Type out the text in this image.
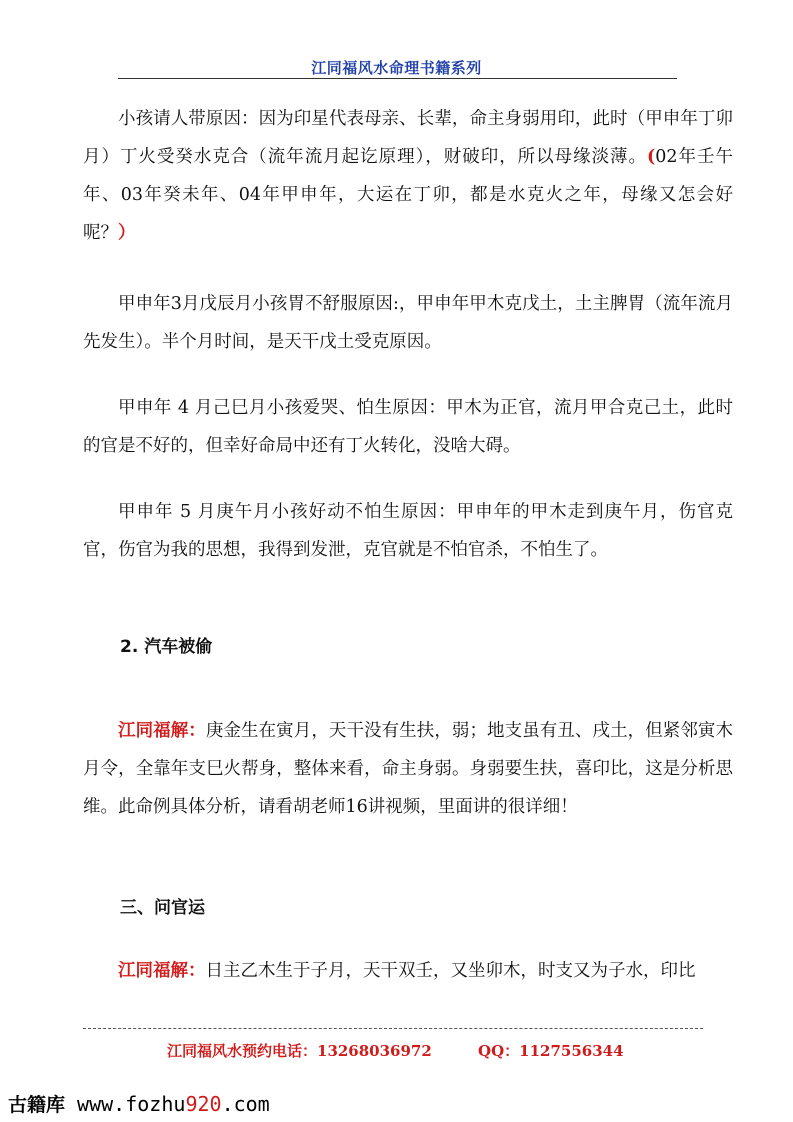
江同福风水命理书籍系列

小孩请人带原因：因为印星代表母亲、长辈，命主身弱用印，此时（甲申年丁卯月）丁火受癸水克合（流年流月起讫原理），财破印，所以母缘淡薄。(02年壬午年、03年癸未年、04年甲申年，大运在丁卯，都是水克火之年，母缘又怎会好呢？）

甲申年3月戊辰月小孩胃不舒服原因:，甲申年甲木克戊土，土主脾胃（流年流月先发生）。半个月时间，是天干戊土受克原因。

甲申年 4 月己巳月小孩爱哭、怕生原因：甲木为正官，流月甲合克己土，此时的官是不好的，但幸好命局中还有丁火转化，没啥大碍。

甲申年 5 月庚午月小孩好动不怕生原因：甲申年的甲木走到庚午月，伤官克官，伤官为我的思想，我得到发泄，克官就是不怕官杀，不怕生了。

2. 汽车被偷

江同福解：庚金生在寅月，天干没有生扶，弱；地支虽有丑、戌土，但紧邻寅木月令，全靠年支巳火帮身，整体来看，命主身弱。身弱要生扶，喜印比，这是分析思维。此命例具体分析，请看胡老师16讲视频，里面讲的很详细！

三、问官运

江同福解：日主乙木生于子月，天干双壬，又坐卯木，时支又为子水，印比

江同福风水预约电话：13268036972	QQ：1127556344
古籍库 www.fozhu920.com
